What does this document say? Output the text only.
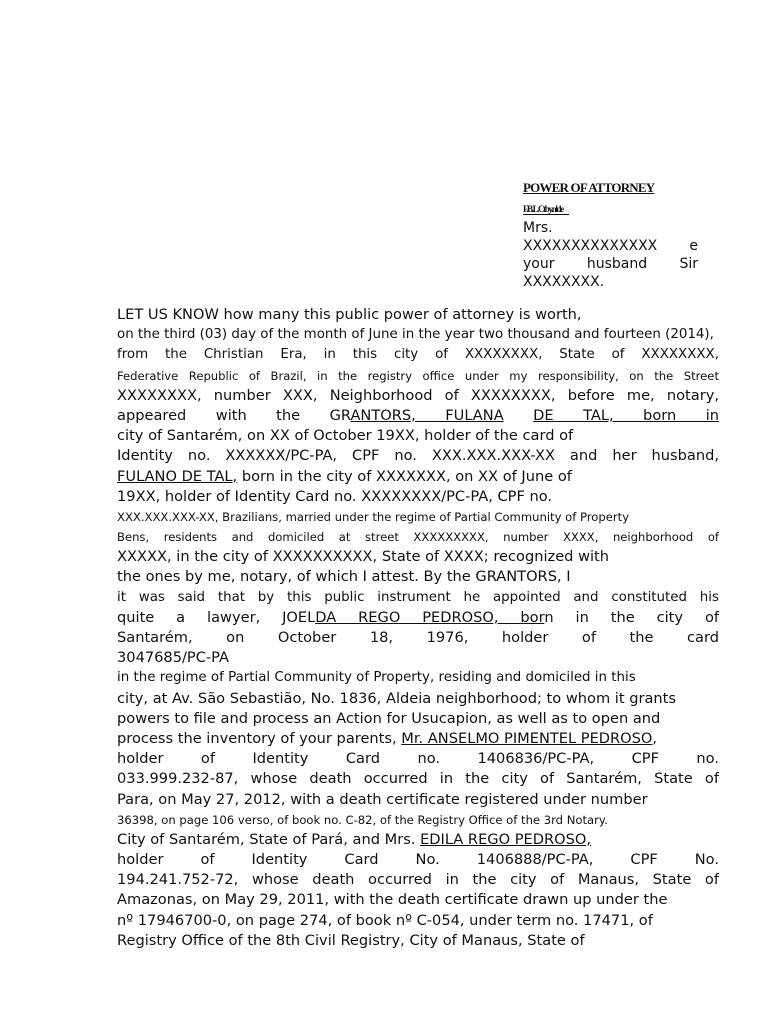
POWER OF ATTORNEY
F.B.L.Ctby.nlde
Mrs.
XXXXXXXXXXXXXX e
your husband Sir
XXXXXXXX.
LET US KNOW how many this public power of attorney is worth,
on the third (03) day of the month of June in the year two thousand and fourteen (2014),
from the Christian Era, in this city of XXXXXXXX, State of XXXXXXXX,
Federative Republic of Brazil, in the registry office under my responsibility, on the Street
XXXXXXXX, number XXX, Neighborhood of XXXXXXXX, before me, notary,
appeared with the GRANTORS, FULANA DE TAL, born in
city of Santarém, on XX of October 19XX, holder of the card of
Identity no. XXXXXX/PC-PA, CPF no. XXX.XXX.XXX-XX and her husband,
FULANO DE TAL, born in the city of XXXXXXX, on XX of June of
19XX, holder of Identity Card no. XXXXXXXX/PC-PA, CPF no.
XXX.XXX.XXX-XX, Brazilians, married under the regime of Partial Community of Property
Bens, residents and domiciled at street XXXXXXXXX, number XXXX, neighborhood of
XXXXX, in the city of XXXXXXXXXX, State of XXXX; recognized with
the ones by me, notary, of which I attest. By the GRANTORS, I
it was said that by this public instrument he appointed and constituted his
quite a lawyer, JOELDA REGO PEDROSO, born in the city of
Santarém, on October 18, 1976, holder of the card
3047685/PC-PA
in the regime of Partial Community of Property, residing and domiciled in this
city, at Av. São Sebastião, No. 1836, Aldeia neighborhood; to whom it grants
powers to file and process an Action for Usucapion, as well as to open and
process the inventory of your parents, Mr. ANSELMO PIMENTEL PEDROSO,
holder of Identity Card no. 1406836/PC-PA, CPF no.
033.999.232-87, whose death occurred in the city of Santarém, State of
Para, on May 27, 2012, with a death certificate registered under number
36398, on page 106 verso, of book no. C-82, of the Registry Office of the 3rd Notary.
City of Santarém, State of Pará, and Mrs. EDILA REGO PEDROSO,
holder of Identity Card No. 1406888/PC-PA, CPF No.
194.241.752-72, whose death occurred in the city of Manaus, State of
Amazonas, on May 29, 2011, with the death certificate drawn up under the
nº 17946700-0, on page 274, of book nº C-054, under term no. 17471, of
Registry Office of the 8th Civil Registry, City of Manaus, State of
